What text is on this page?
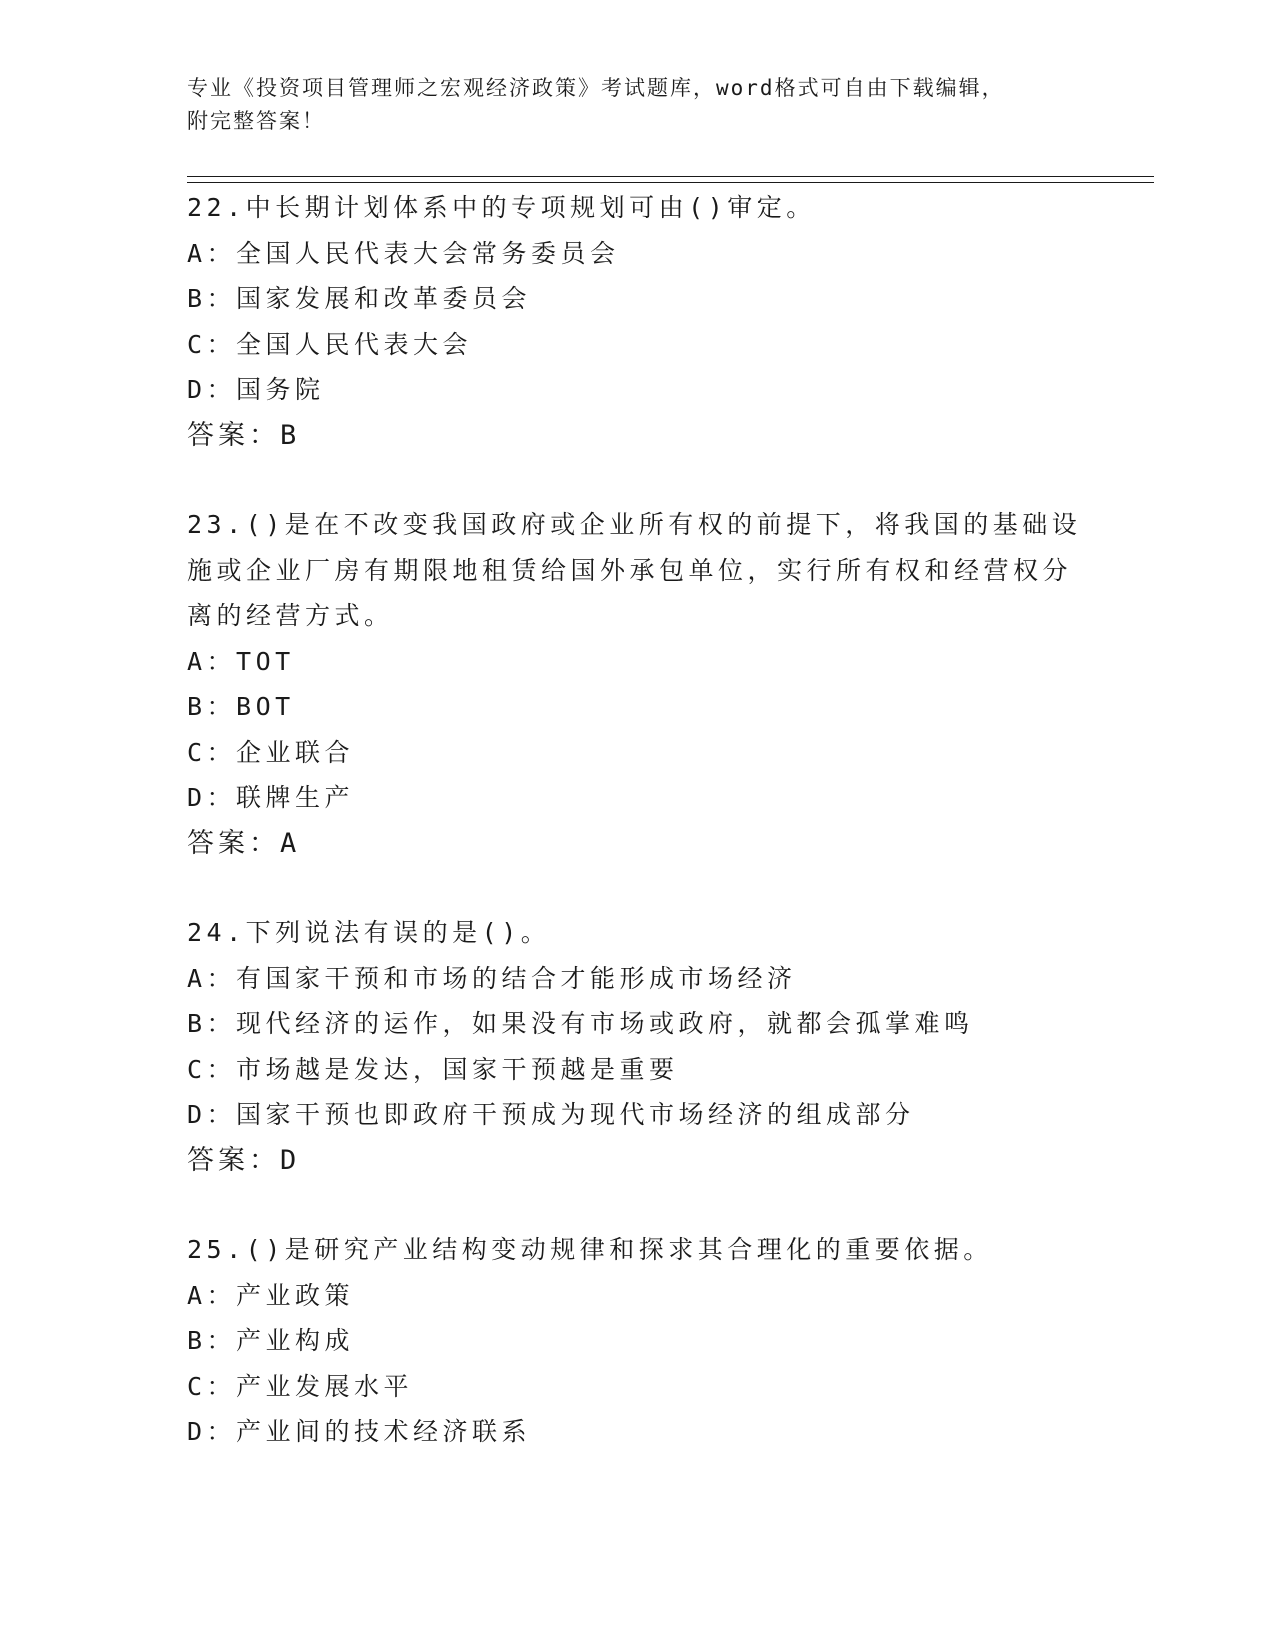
专业《投资项目管理师之宏观经济政策》考试题库，word格式可自由下载编辑，
附完整答案！

22.中长期计划体系中的专项规划可由()审定。

A：全国人民代表大会常务委员会

B：国家发展和改革委员会

C：全国人民代表大会

D：国务院

答案：B

23.()是在不改变我国政府或企业所有权的前提下，将我国的基础设施或企业厂房有期限地租赁给国外承包单位，实行所有权和经营权分离的经营方式。

A：TOT

B：BOT

C：企业联合

D：联牌生产

答案：A

24.下列说法有误的是()。

A：有国家干预和市场的结合才能形成市场经济

B：现代经济的运作，如果没有市场或政府，就都会孤掌难鸣

C：市场越是发达，国家干预越是重要

D：国家干预也即政府干预成为现代市场经济的组成部分

答案：D

25.()是研究产业结构变动规律和探求其合理化的重要依据。

A：产业政策

B：产业构成

C：产业发展水平

D：产业间的技术经济联系
